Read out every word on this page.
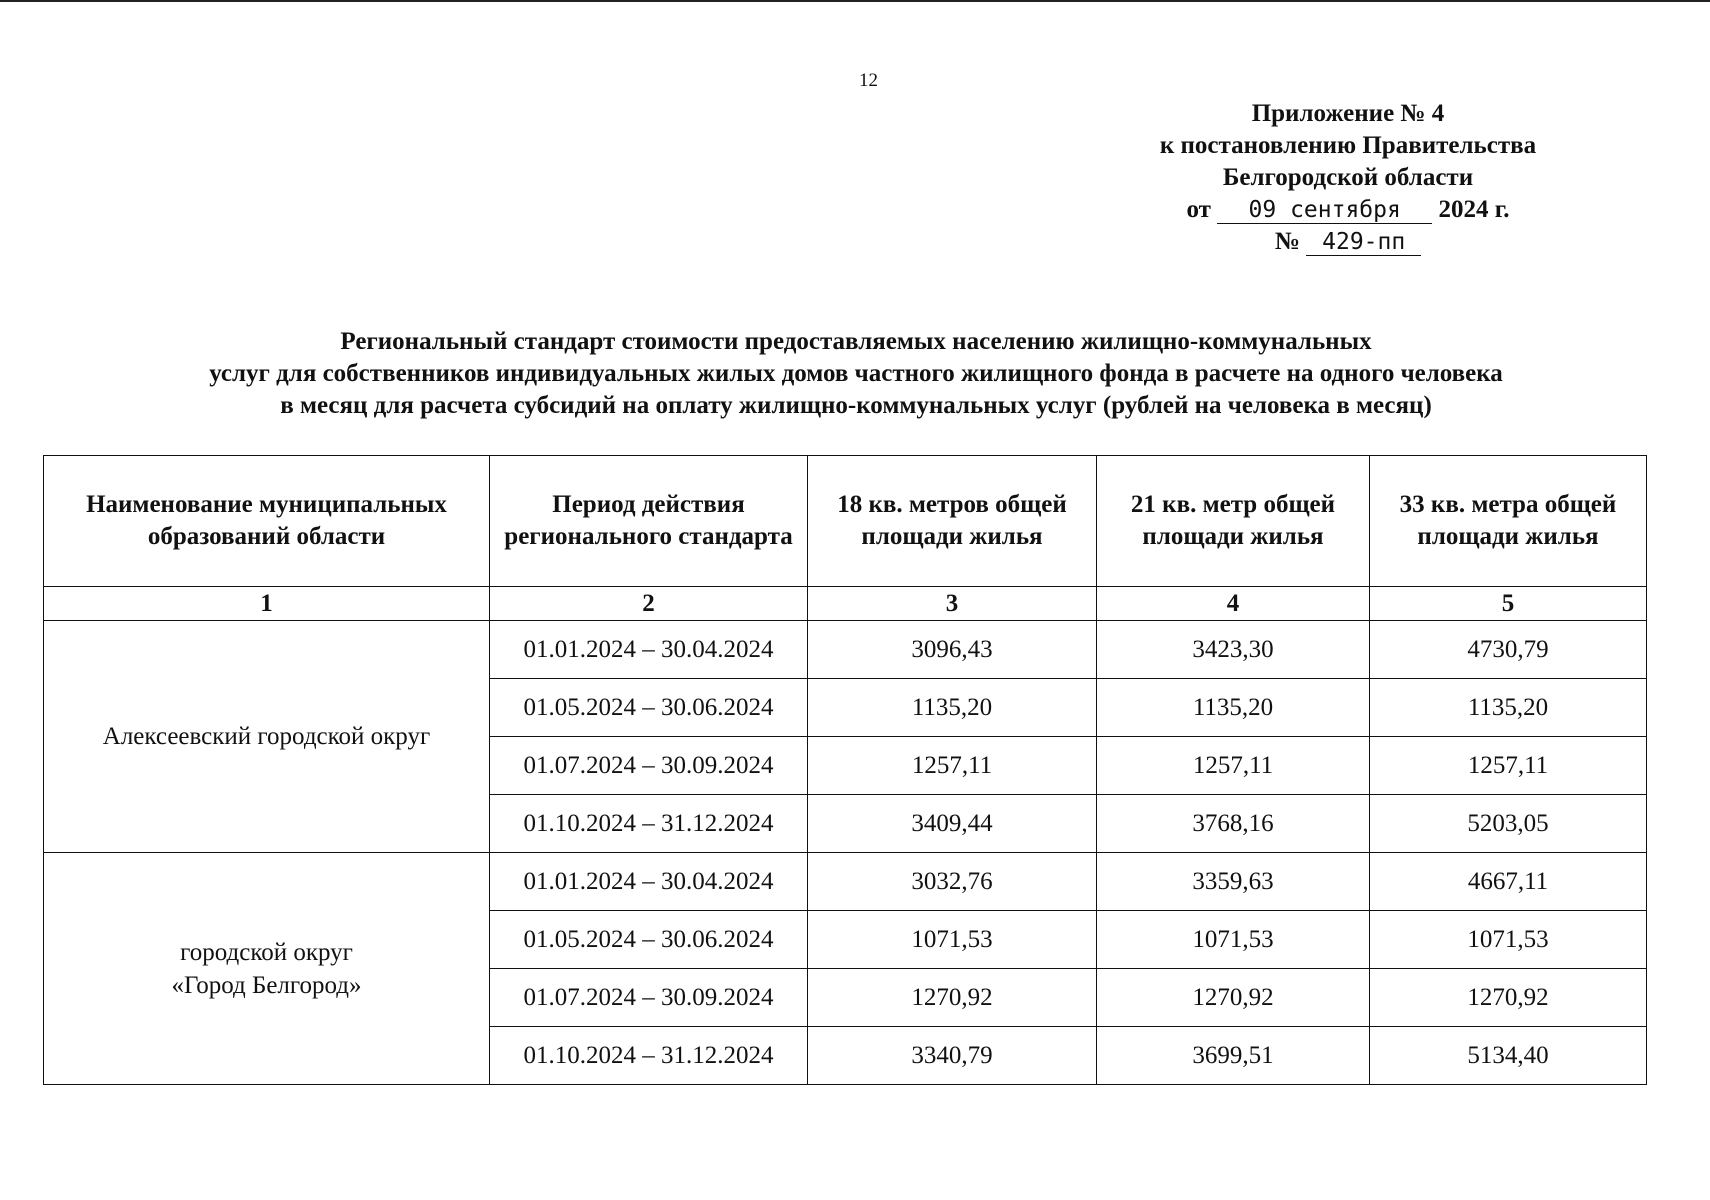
12
Приложение № 4
к постановлению Правительства
Белгородской области
от 09 сентября 2024 г.
№ 429-пп
Региональный стандарт стоимости предоставляемых населению жилищно-коммунальных
услуг для собственников индивидуальных жилых домов частного жилищного фонда в расчете на одного человека
в месяц для расчета субсидий на оплату жилищно-коммунальных услуг (рублей на человека в месяц)
Наименование муниципальных образований области	Период действия регионального стандарта	18 кв. метров общей площади жилья	21 кв. метр общей площади жилья	33 кв. метра общей площади жилья
1	2	3	4	5

Алексеевский городской округ	01.01.2024 – 30.04.2024	3096,43	3423,30	4730,79
	01.05.2024 – 30.06.2024	1135,20	1135,20	1135,20
	01.07.2024 – 30.09.2024	1257,11	1257,11	1257,11
	01.10.2024 – 31.12.2024	3409,44	3768,16	5203,05

городской округ
«Город Белгород»	01.01.2024 – 30.04.2024	3032,76	3359,63	4667,11
	01.05.2024 – 30.06.2024	1071,53	1071,53	1071,53
	01.07.2024 – 30.09.2024	1270,92	1270,92	1270,92
	01.10.2024 – 31.12.2024	3340,79	3699,51	5134,40
